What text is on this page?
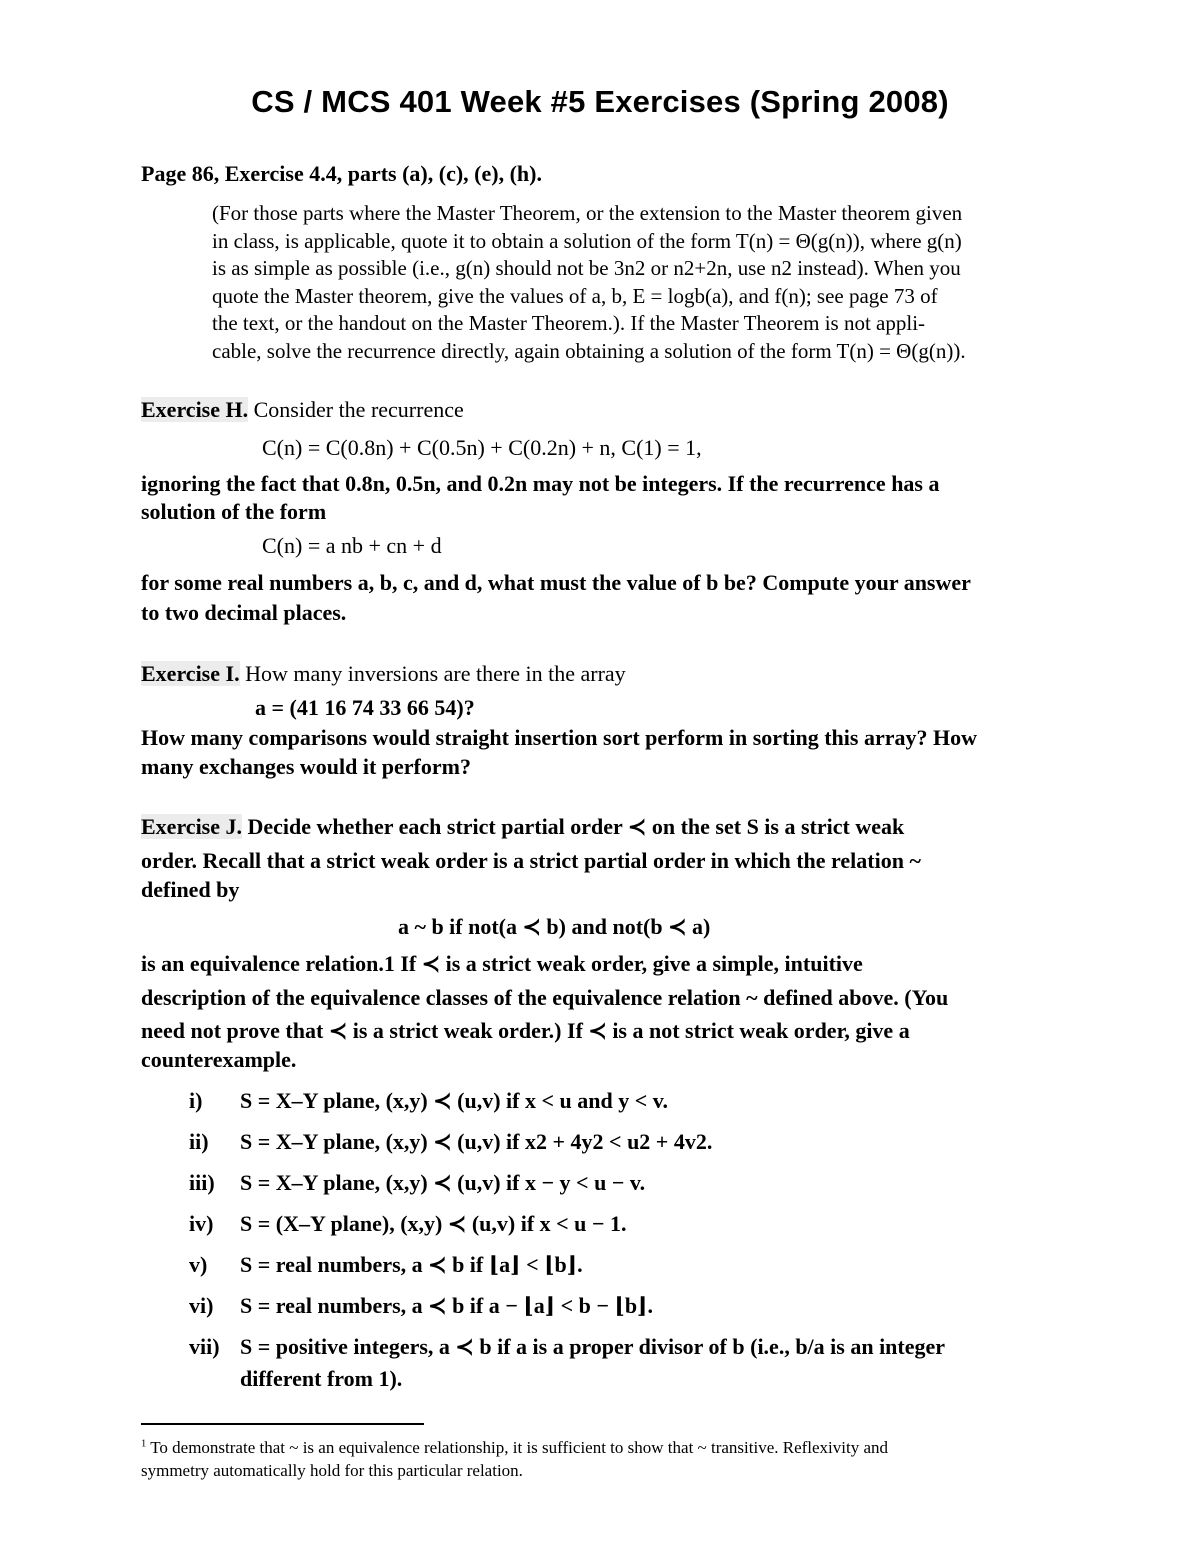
CS / MCS 401 Week #5 Exercises (Spring 2008)
Page 86, Exercise 4.4, parts (a), (c), (e), (h).
(For those parts where the Master Theorem, or the extension to the Master theorem given
in class, is applicable, quote it to obtain a solution of the form T(n) = Θ(g(n)), where g(n)
is as simple as possible (i.e., g(n) should not be 3n2 or n2+2n, use n2 instead). When you
quote the Master theorem, give the values of a, b, E = logb(a), and f(n); see page 73 of
the text, or the handout on the Master Theorem.). If the Master Theorem is not appli-
cable, solve the recurrence directly, again obtaining a solution of the form T(n) = Θ(g(n)).
Exercise H. Consider the recurrence
C(n) = C(0.8n) + C(0.5n) + C(0.2n) + n, C(1) = 1,
ignoring the fact that 0.8n, 0.5n, and 0.2n may not be integers. If the recurrence has a
solution of the form
C(n) = a nb + cn + d
for some real numbers a, b, c, and d, what must the value of b be? Compute your answer
to two decimal places.
Exercise I. How many inversions are there in the array
a = (41 16 74 33 66 54)?
How many comparisons would straight insertion sort perform in sorting this array? How
many exchanges would it perform?
Exercise J. Decide whether each strict partial order ≺ on the set S is a strict weak
order. Recall that a strict weak order is a strict partial order in which the relation ~
defined by
a ~ b if not(a ≺ b) and not(b ≺ a)
is an equivalence relation.1 If ≺ is a strict weak order, give a simple, intuitive
description of the equivalence classes of the equivalence relation ~ defined above. (You
need not prove that ≺ is a strict weak order.) If ≺ is a not strict weak order, give a
counterexample.
i) S = X–Y plane, (x,y) ≺ (u,v) if x < u and y < v.
ii) S = X–Y plane, (x,y) ≺ (u,v) if x2 + 4y2 < u2 + 4v2.
iii) S = X–Y plane, (x,y) ≺ (u,v) if x − y < u − v.
iv) S = (X–Y plane), (x,y) ≺ (u,v) if x < u − 1.
v) S = real numbers, a ≺ b if ⌊a⌋ < ⌊b⌋.
vi) S = real numbers, a ≺ b if a − ⌊a⌋ < b − ⌊b⌋.
vii) S = positive integers, a ≺ b if a is a proper divisor of b (i.e., b/a is an integer
different from 1).
$^1$ To demonstrate that ~ is an equivalence relationship, it is sufficient to show that ~ transitive. Reflexivity and
symmetry automatically hold for this particular relation.
